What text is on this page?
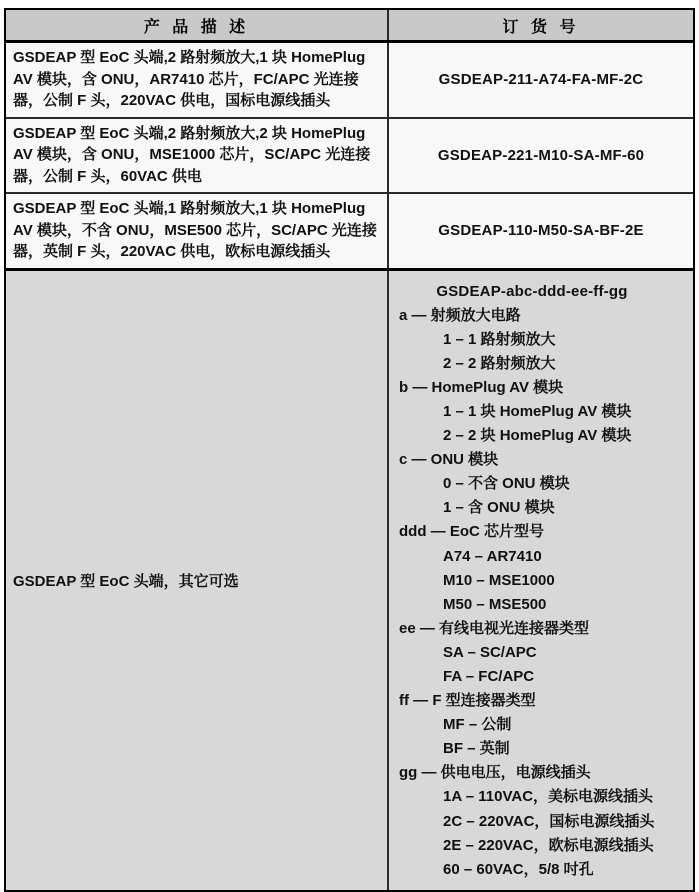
产 品 描 述	订 货 号
GSDEAP 型 EoC 头端,2 路射频放大,1 块 HomePlug AV 模块，含 ONU，AR7410 芯片，FC/APC 光连接器，公制 F 头，220VAC 供电，国标电源线插头
GSDEAP-211-A74-FA-MF-2C
GSDEAP 型 EoC 头端,2 路射频放大,2 块 HomePlug AV 模块，含 ONU，MSE1000 芯片，SC/APC 光连接器，公制 F 头，60VAC 供电
GSDEAP-221-M10-SA-MF-60
GSDEAP 型 EoC 头端,1 路射频放大,1 块 HomePlug AV 模块，不含 ONU，MSE500 芯片，SC/APC 光连接器，英制 F 头，220VAC 供电，欧标电源线插头
GSDEAP-110-M50-SA-BF-2E
GSDEAP 型 EoC 头端，其它可选
GSDEAP-abc-ddd-ee-ff-gg
a — 射频放大电路
1 – 1 路射频放大
2 – 2 路射频放大
b — HomePlug AV 模块
1 – 1 块 HomePlug AV 模块
2 – 2 块 HomePlug AV 模块
c — ONU 模块
0 – 不含 ONU 模块
1 – 含 ONU 模块
ddd — EoC 芯片型号
A74 – AR7410
M10 – MSE1000
M50 – MSE500
ee — 有线电视光连接器类型
SA – SC/APC
FA – FC/APC
ff — F 型连接器类型
MF – 公制
BF – 英制
gg — 供电电压，电源线插头
1A – 110VAC，美标电源线插头
2C – 220VAC，国标电源线插头
2E – 220VAC，欧标电源线插头
60 – 60VAC，5/8 吋孔
